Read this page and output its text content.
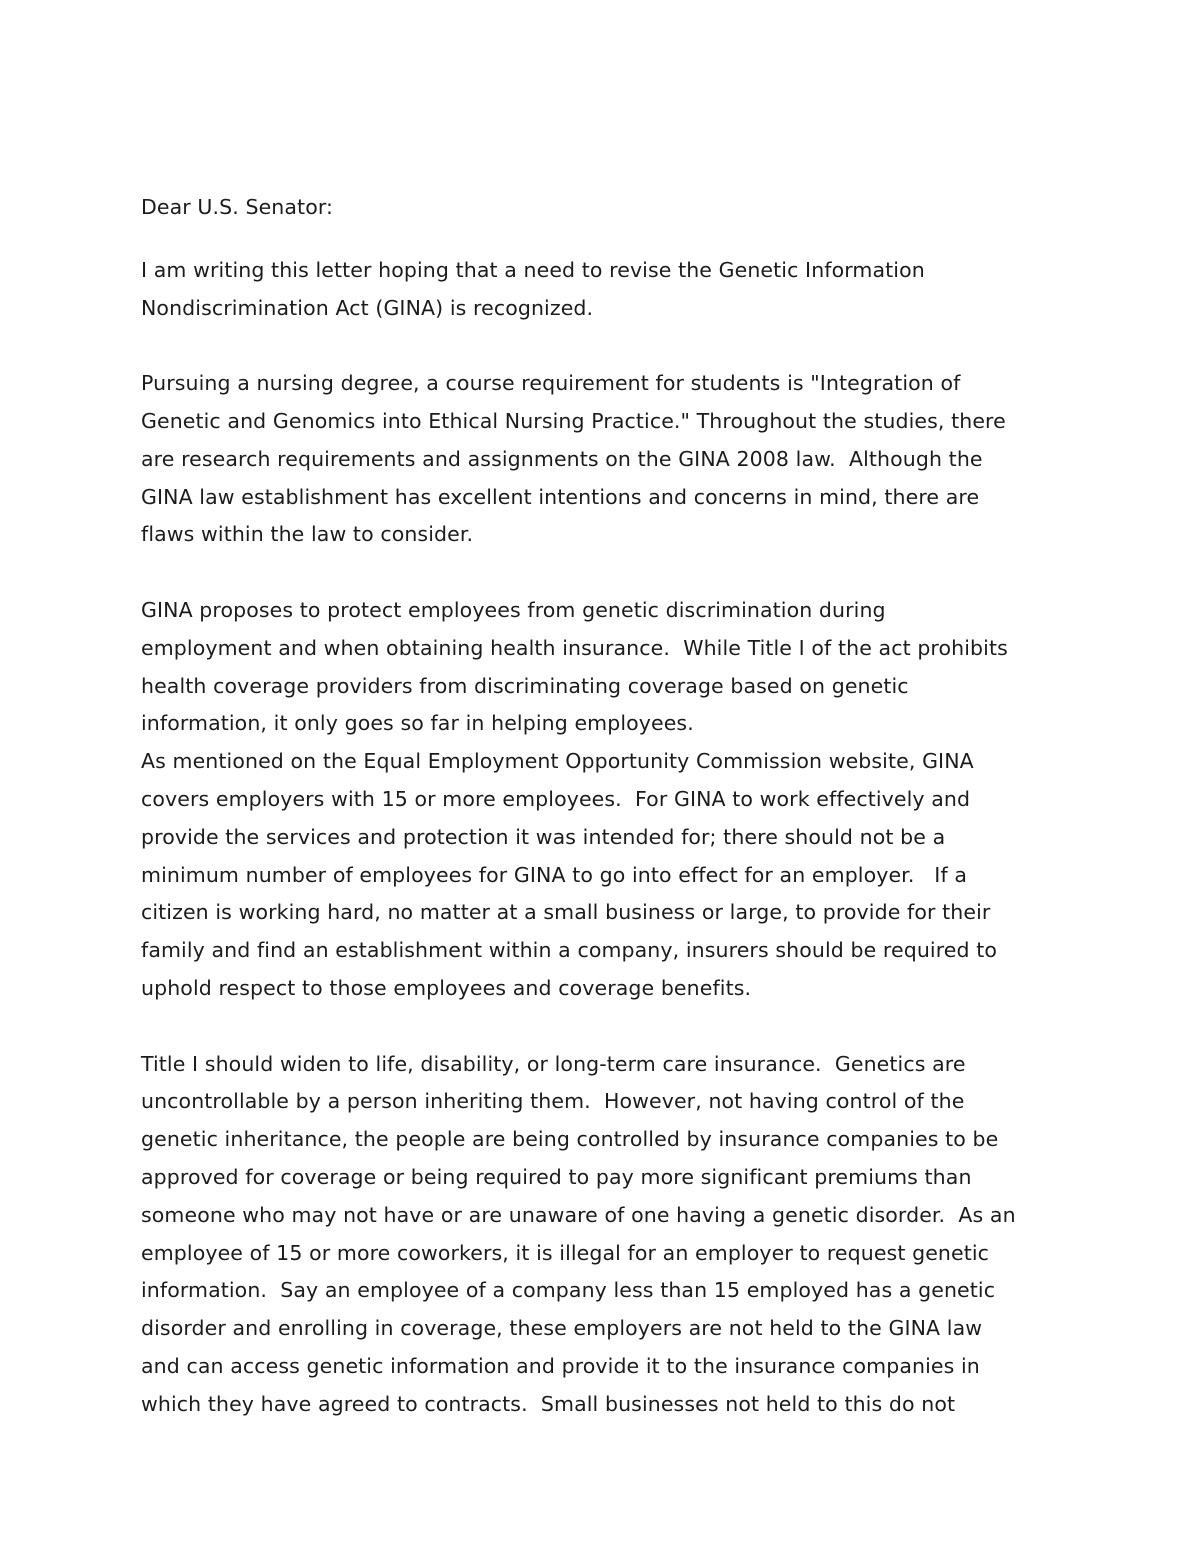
Dear U.S. Senator:
I am writing this letter hoping that a need to revise the Genetic Information
Nondiscrimination Act (GINA) is recognized.
Pursuing a nursing degree, a course requirement for students is "Integration of
Genetic and Genomics into Ethical Nursing Practice." Throughout the studies, there
are research requirements and assignments on the GINA 2008 law.  Although the
GINA law establishment has excellent intentions and concerns in mind, there are
flaws within the law to consider.
GINA proposes to protect employees from genetic discrimination during
employment and when obtaining health insurance.  While Title I of the act prohibits
health coverage providers from discriminating coverage based on genetic
information, it only goes so far in helping employees.
As mentioned on the Equal Employment Opportunity Commission website, GINA
covers employers with 15 or more employees.  For GINA to work effectively and
provide the services and protection it was intended for; there should not be a
minimum number of employees for GINA to go into effect for an employer.   If a
citizen is working hard, no matter at a small business or large, to provide for their
family and find an establishment within a company, insurers should be required to
uphold respect to those employees and coverage benefits.
Title I should widen to life, disability, or long-term care insurance.  Genetics are
uncontrollable by a person inheriting them.  However, not having control of the
genetic inheritance, the people are being controlled by insurance companies to be
approved for coverage or being required to pay more significant premiums than
someone who may not have or are unaware of one having a genetic disorder.  As an
employee of 15 or more coworkers, it is illegal for an employer to request genetic
information.  Say an employee of a company less than 15 employed has a genetic
disorder and enrolling in coverage, these employers are not held to the GINA law
and can access genetic information and provide it to the insurance companies in
which they have agreed to contracts.  Small businesses not held to this do not
